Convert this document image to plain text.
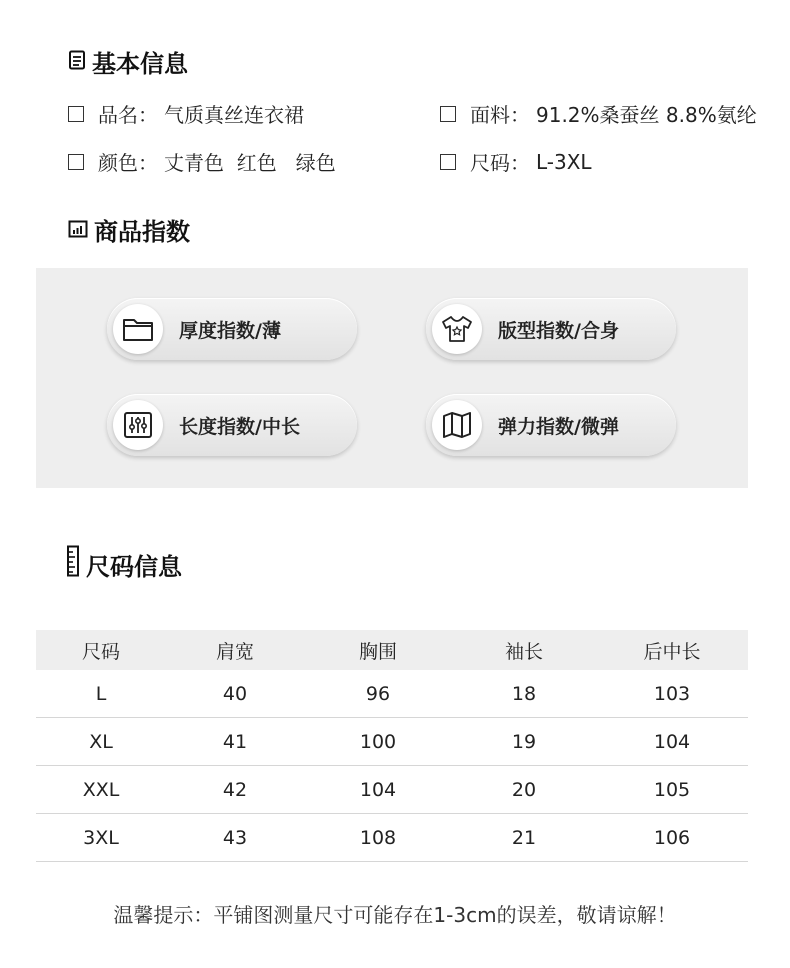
基本信息
品名： 气质真丝连衣裙	面料： 91.2%桑蚕丝 8.8%氨纶
颜色： 丈青色  红色   绿色	尺码： L-3XL
商品指数
厚度指数/薄	版型指数/合身
长度指数/中长	弹力指数/微弹
尺码信息
尺码	肩宽	胸围	袖长	后中长
L	40	96	18	103
XL	41	100	19	104
XXL	42	104	20	105
3XL	43	108	21	106
温馨提示：平铺图测量尺寸可能存在1-3cm的误差，敬请谅解！
